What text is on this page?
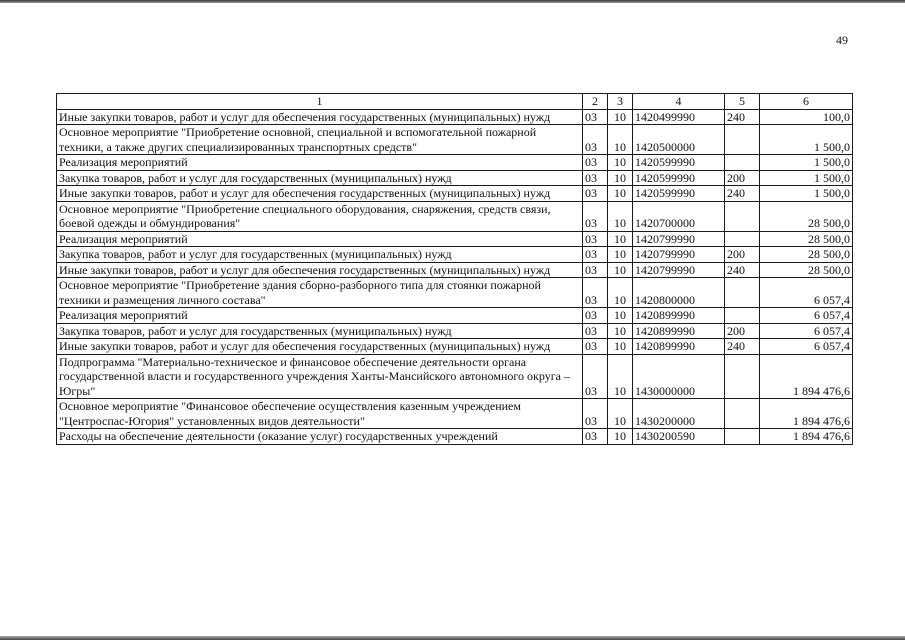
49
1	2	3	4	5	6
Иные закупки товаров, работ и услуг для обеспечения государственных (муниципальных) нужд	03	10	1420499990	240	100,0
Основное мероприятие "Приобретение основной, специальной и вспомогательной пожарной техники, а также других специализированных транспортных средств"	03	10	1420500000		1 500,0
Реализация мероприятий	03	10	1420599990		1 500,0
Закупка товаров, работ и услуг для государственных (муниципальных) нужд	03	10	1420599990	200	1 500,0
Иные закупки товаров, работ и услуг для обеспечения государственных (муниципальных) нужд	03	10	1420599990	240	1 500,0
Основное мероприятие "Приобретение специального оборудования, снаряжения, средств связи, боевой одежды и обмундирования"	03	10	1420700000		28 500,0
Реализация мероприятий	03	10	1420799990		28 500,0
Закупка товаров, работ и услуг для государственных (муниципальных) нужд	03	10	1420799990	200	28 500,0
Иные закупки товаров, работ и услуг для обеспечения государственных (муниципальных) нужд	03	10	1420799990	240	28 500,0
Основное мероприятие "Приобретение здания сборно-разборного типа для стоянки пожарной техники и размещения личного состава"	03	10	1420800000		6 057,4
Реализация мероприятий	03	10	1420899990		6 057,4
Закупка товаров, работ и услуг для государственных (муниципальных) нужд	03	10	1420899990	200	6 057,4
Иные закупки товаров, работ и услуг для обеспечения государственных (муниципальных) нужд	03	10	1420899990	240	6 057,4
Подпрограмма "Материально-техническое и финансовое обеспечение деятельности органа государственной власти и государственного учреждения Ханты-Мансийского автономного округа – Югры"	03	10	1430000000		1 894 476,6
Основное мероприятие "Финансовое обеспечение осуществления казенным учреждением "Центроспас-Югория" установленных видов деятельности"	03	10	1430200000		1 894 476,6
Расходы на обеспечение деятельности (оказание услуг) государственных учреждений	03	10	1430200590		1 894 476,6
